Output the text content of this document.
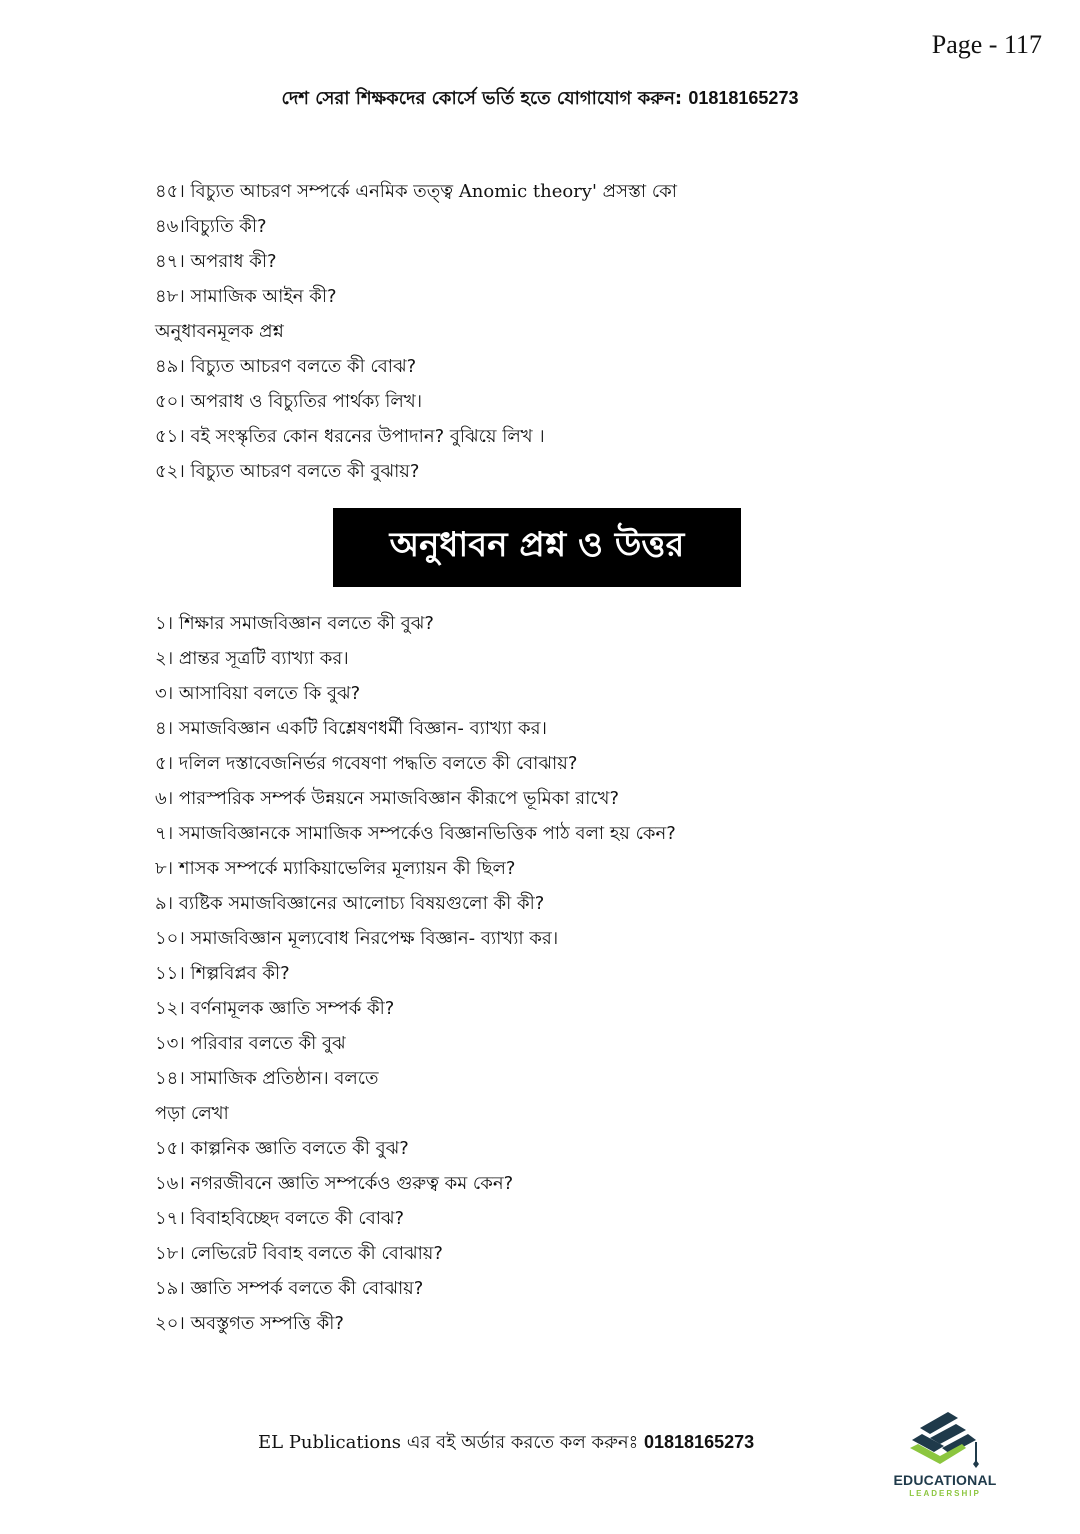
Page - 117
দেশ সেরা শিক্ষকদের কোর্সে ভর্তি হতে যোগাযোগ করুন: 01818165273
৪৫। বিচ্যুত আচরণ সম্পর্কে এনমিক তত্ত্ব Anomic theory' প্রসস্তা কো
৪৬।বিচ্যুতি কী?
৪৭। অপরাধ কী?
৪৮। সামাজিক আইন কী?
অনুধাবনমূলক প্রশ্ন
৪৯। বিচ্যুত আচরণ বলতে কী বোঝ?
৫০। অপরাধ ও বিচ্যুতির পার্থক্য লিখ।
৫১। বই সংস্কৃতির কোন ধরনের উপাদান? বুঝিয়ে লিখ ।
৫২। বিচ্যুত আচরণ বলতে কী বুঝায়?
অনুধাবন প্রশ্ন ও উত্তর
১। শিক্ষার সমাজবিজ্ঞান বলতে কী বুঝ?
২। প্রান্তর সূত্রটি ব্যাখ্যা কর।
৩। আসাবিয়া বলতে কি বুঝ?
৪। সমাজবিজ্ঞান একটি বিশ্লেষণধর্মী বিজ্ঞান- ব্যাখ্যা কর।
৫। দলিল দস্তাবেজনির্ভর গবেষণা পদ্ধতি বলতে কী বোঝায়?
৬। পারস্পরিক সম্পর্ক উন্নয়নে সমাজবিজ্ঞান কীরূপে ভূমিকা রাখে?
৭। সমাজবিজ্ঞানকে সামাজিক সম্পর্কেও বিজ্ঞানভিত্তিক পাঠ বলা হয় কেন?
৮। শাসক সম্পর্কে ম্যাকিয়াভেলির মূল্যায়ন কী ছিল?
৯। ব্যষ্টিক সমাজবিজ্ঞানের আলোচ্য বিষয়গুলো কী কী?
১০। সমাজবিজ্ঞান মূল্যবোধ নিরপেক্ষ বিজ্ঞান- ব্যাখ্যা কর।
১১। শিল্পবিপ্লব কী?
১২। বর্ণনামূলক জ্ঞাতি সম্পর্ক কী?
১৩। পরিবার বলতে কী বুঝ
১৪। সামাজিক প্রতিষ্ঠান। বলতে
পড়া লেখা
১৫। কাল্পনিক জ্ঞাতি বলতে কী বুঝ?
১৬। নগরজীবনে জ্ঞাতি সম্পর্কেও গুরুত্ব কম কেন?
১৭। বিবাহবিচ্ছেদ বলতে কী বোঝ?
১৮। লেভিরেট বিবাহ বলতে কী বোঝায়?
১৯। জ্ঞাতি সম্পর্ক বলতে কী বোঝায়?
২০। অবস্তুগত সম্পত্তি কী?
EL Publications এর বই অর্ডার করতে কল করুনঃ 01818165273
EDUCATIONAL
LEADERSHIP
